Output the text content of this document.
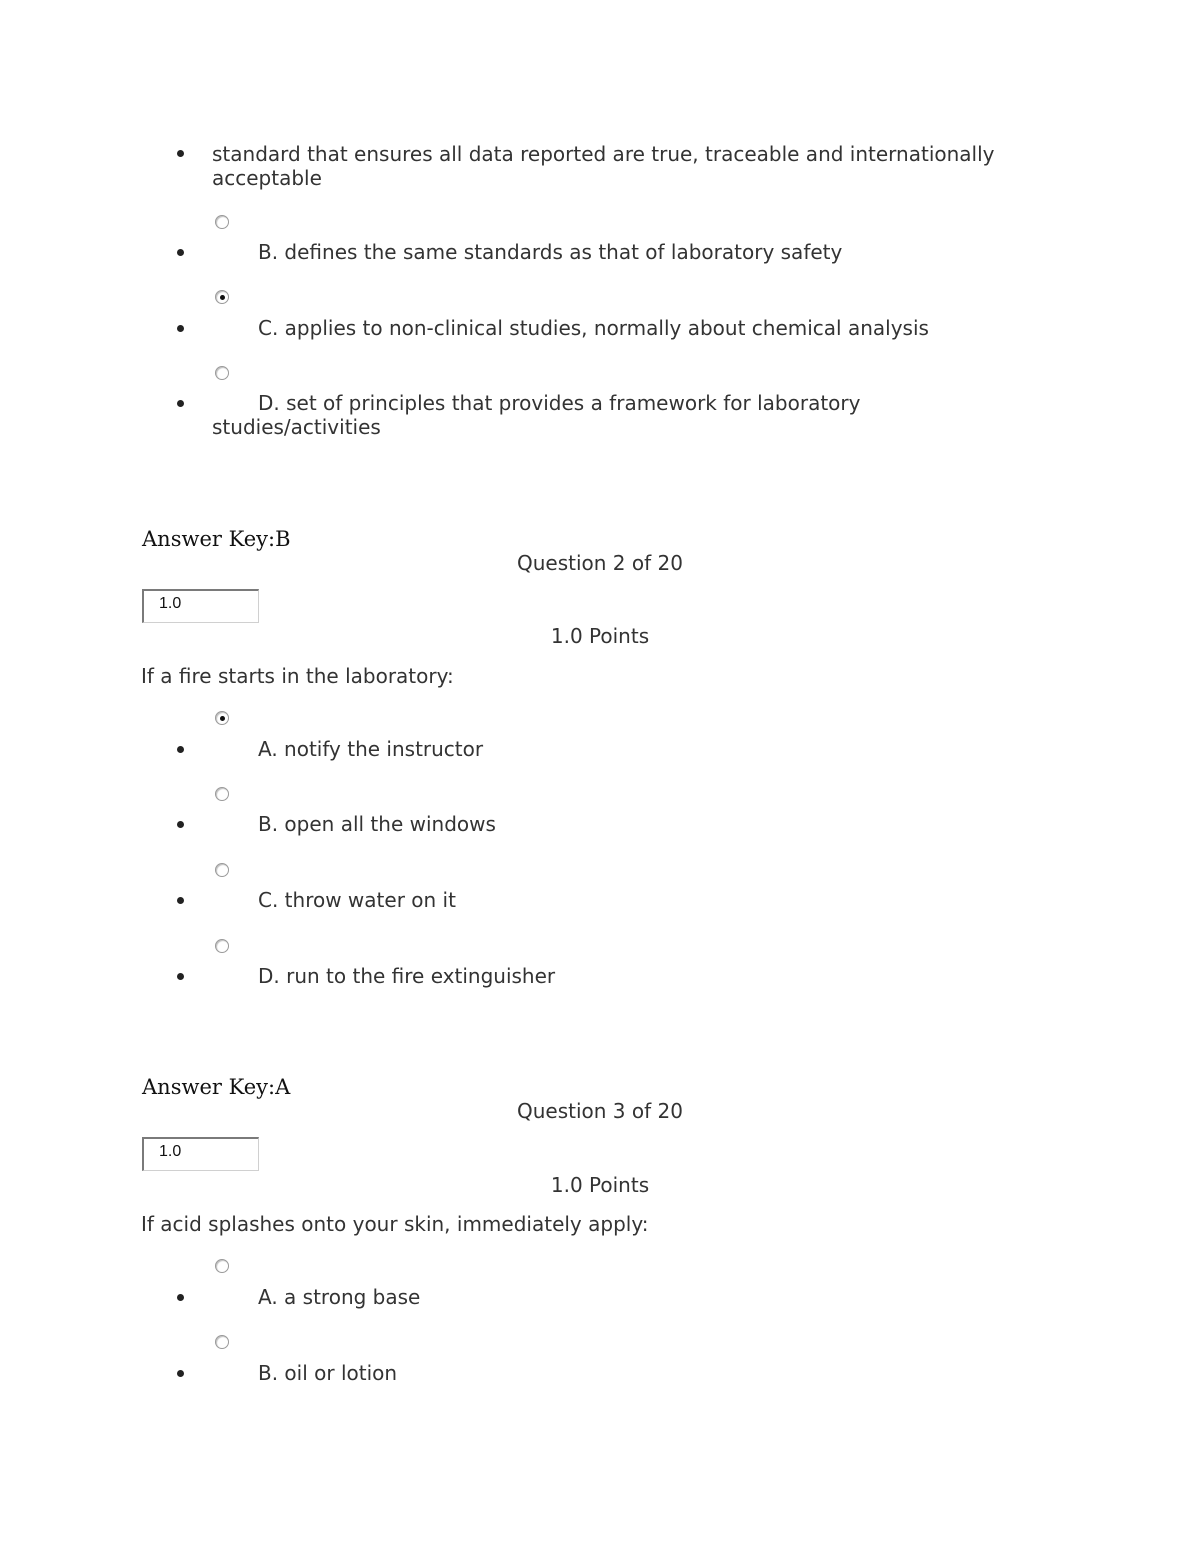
standard that ensures all data reported are true, traceable and internationally
acceptable
B. defines the same standards as that of laboratory safety
C. applies to non-clinical studies, normally about chemical analysis
D. set of principles that provides a framework for laboratory
studies/activities
Answer Key:B
Question 2 of 20
1.0
1.0 Points
If a fire starts in the laboratory:
A. notify the instructor
B. open all the windows
C. throw water on it
D. run to the fire extinguisher
Answer Key:A
Question 3 of 20
1.0
1.0 Points
If acid splashes onto your skin, immediately apply:
A. a strong base
B. oil or lotion
